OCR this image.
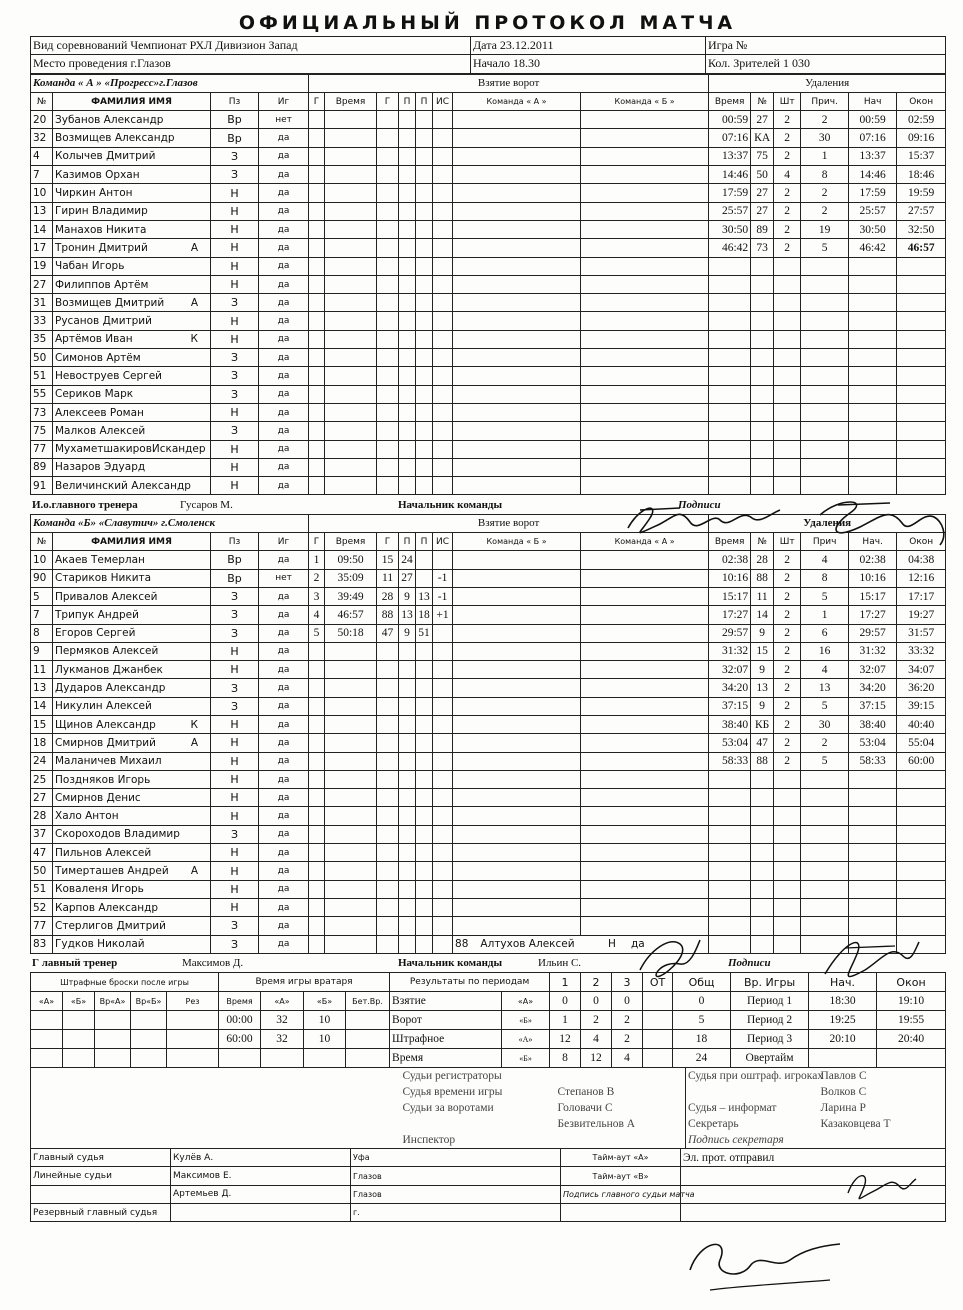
ОФИЦИАЛЬНЫЙ ПРОТОКОЛ МАТЧА
Вид соревнований Чемпионат РХЛ Дивизион Запад	Дата 23.12.2011	Игра №
Место проведения г.Глазов	Начало 18.30	Кол. Зрителей 1 030
Команда « А » «Прогресс»г.Глазов				Взятие ворот								Удаления					
№	ФАМИЛИЯ ИМЯ	Пз	Иг	Г	Время	Г	П	П	ИС	Команда « А »	Команда « Б »	Время	№	Шт	Прич.	Нач	Окон
20	Зубанов Александр	Вр	нет									00:59	27	2	2	00:59	02:59
32	Возмищев Александр	Вр	да									07:16	КА	2	30	07:16	09:16
4	Колычев Дмитрий	З	да									13:37	75	2	1	13:37	15:37
7	Казимов Орхан	З	да									14:46	50	4	8	14:46	18:46
10	Чиркин Антон	Н	да									17:59	27	2	2	17:59	19:59
13	Гирин Владимир	Н	да									25:57	27	2	2	25:57	27:57
14	Манахов Никита	Н	да									30:50	89	2	19	30:50	32:50
17	Тронин Дмитрий А	Н	да									46:42	73	2	5	46:42	46:57
19	Чабан Игорь	Н	да														
27	Филиппов Артём	Н	да														
31	Возмищев Дмитрий А	З	да														
33	Русанов Дмитрий	Н	да														
35	Артёмов Иван К	Н	да														
50	Симонов Артём	З	да														
51	Невоструев Сергей	З	да														
55	Сериков Марк	З	да														
73	Алексеев Роман	Н	да														
75	Малков Алексей	З	да														
77	МухаметшакировИскандер	Н	да														
89	Назаров Эдуард	Н	да														
91	Величинский Александр	Н	да														
И.о.главного тренера	Гусаров М.	Начальник команды	Подписи
Команда «Б» «Славутич» г.Смоленск				Взятие ворот								Удаления					
№	ФАМИЛИЯ ИМЯ	Пз	Иг	Г	Время	Г	П	П	ИС	Команда « Б »	Команда « А »	Время	№	Шт	Прич	Нач.	Окон
10	Акаев Темерлан	Вр	да	1	09:50	15	24					02:38	28	2	4	02:38	04:38
90	Стариков Никита	Вр	нет	2	35:09	11	27		-1			10:16	88	2	8	10:16	12:16
5	Привалов Алексей	З	да	3	39:49	28	9	13	-1			15:17	11	2	5	15:17	17:17
7	Трипук Андрей	З	да	4	46:57	88	13	18	+1			17:27	14	2	1	17:27	19:27
8	Егоров Сергей	З	да	5	50:18	47	9	51				29:57	9	2	6	29:57	31:57
9	Пермяков Алексей	Н	да									31:32	15	2	16	31:32	33:32
11	Лукманов Джанбек	Н	да									32:07	9	2	4	32:07	34:07
13	Дударов Александр	З	да									34:20	13	2	13	34:20	36:20
14	Никулин Алексей	З	да									37:15	9	2	5	37:15	39:15
15	Щинов Александр К	Н	да									38:40	КБ	2	30	38:40	40:40
18	Смирнов Дмитрий А	Н	да									53:04	47	2	2	53:04	55:04
24	Маланичев Михаил	Н	да									58:33	88	2	5	58:33	60:00
25	Поздняков Игорь	Н	да														
27	Смирнов Денис	Н	да														
28	Хало Антон	Н	да														
37	Скороходов Владимир	З	да														
47	Пильнов Алексей	Н	да														
50	Тимерташев Андрей А	Н	да														
51	Коваленя Игорь	Н	да														
52	Карпов Александр	Н	да														
77	Стерлигов Дмитрий	З	да														
83	Гудков Николай	З	да							88 Алтухов Алексей Н да							

Г лавный тренер	Максимов Д.	Начальник команды	Ильин С.	Подписи
Штрафные броски после игры					Время игры вратаря				Результаты по периодам		1	2	3	ОТ	Общ	Вр. Игры	Нач.	Окон
«А»	«Б»	Вр«А»	Вр«Б»	Рез	Время	«А»	«Б»	Бет.Вр.	Взятие	«А»	0	0	0		0	Период 1	18:30	19:10
					00:00	32	10		Ворот	«Б»	1	2	2		5	Период 2	19:25	19:55
					60:00	32	10		Штрафное	«А»	12	4	2		18	Период 3	20:10	20:40
									Время	«Б»	8	12	4		24	Овертайм		
	Судьи регистраторы		Судья при оштраф. игроках	Павлов С
	Судья времени игры	Степанов В		Волков С
	Судьи за воротами	Головачи С	Судья – информат	Ларина Р
		Безвительнов А	Секретарь	Казаковцева Т
	Инспектор		Подпись секретаря	
Главный судья	Кулёв А.	Уфа	Тайм-аут «А»	Эл. прот. отправил
Линейные судьи	Максимов Е.	Глазов	Тайм-аут «В»	
	Артемьев Д.	Глазов	Подпись главного судьи матча	
Резервный главный судья		г.		
